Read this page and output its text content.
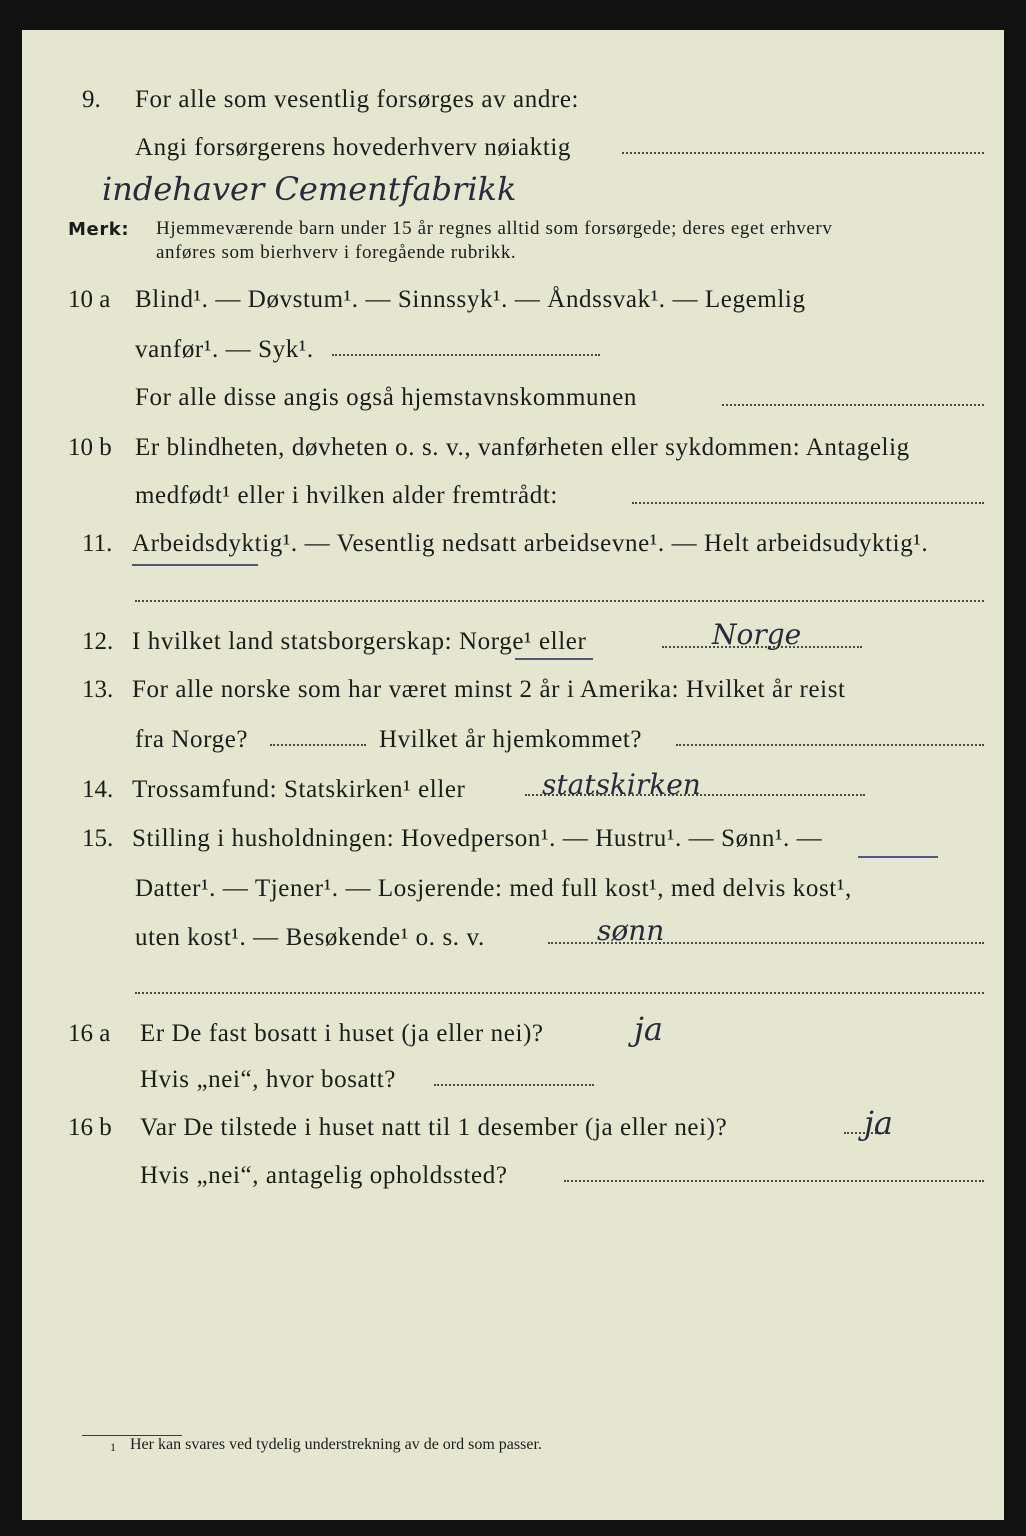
9. For alle som vesentlig forsørges av andre:
Angi forsørgerens hovederhverv nøiaktig
indehaver Cementfabrikk
Merk: Hjemmeværende barn under 15 år regnes alltid som forsørgede; deres eget erhverv
anføres som bierhverv i foregående rubrikk.
10 a Blind¹. — Døvstum¹. — Sinnssyk¹. — Åndssvak¹. — Legemlig
vanfør¹. — Syk¹.
For alle disse angis også hjemstavnskommunen
10 b Er blindheten, døvheten o. s. v., vanførheten eller sykdommen: Antagelig
medfødt¹ eller i hvilken alder fremtrådt:
11. Arbeidsdyktig¹. — Vesentlig nedsatt arbeidsevne¹. — Helt arbeidsudyktig¹.
12. I hvilket land statsborgerskap: Norge¹ eller	Norge
13. For alle norske som har været minst 2 år i Amerika: Hvilket år reist
fra Norge?	Hvilket år hjemkommet?
14. Trossamfund: Statskirken¹ eller	statskirken
15. Stilling i husholdningen: Hovedperson¹. — Hustru¹. — Sønn¹. —
Datter¹. — Tjener¹. — Losjerende: med full kost¹, med delvis kost¹,
uten kost¹. — Besøkende¹ o. s. v.	sønn
16 a Er De fast bosatt i huset (ja eller nei)?	ja
Hvis „nei“, hvor bosatt?
16 b Var De tilstede i huset natt til 1 desember (ja eller nei)?	ja
Hvis „nei“, antagelig opholdssted?
1 Her kan svares ved tydelig understrekning av de ord som passer.
